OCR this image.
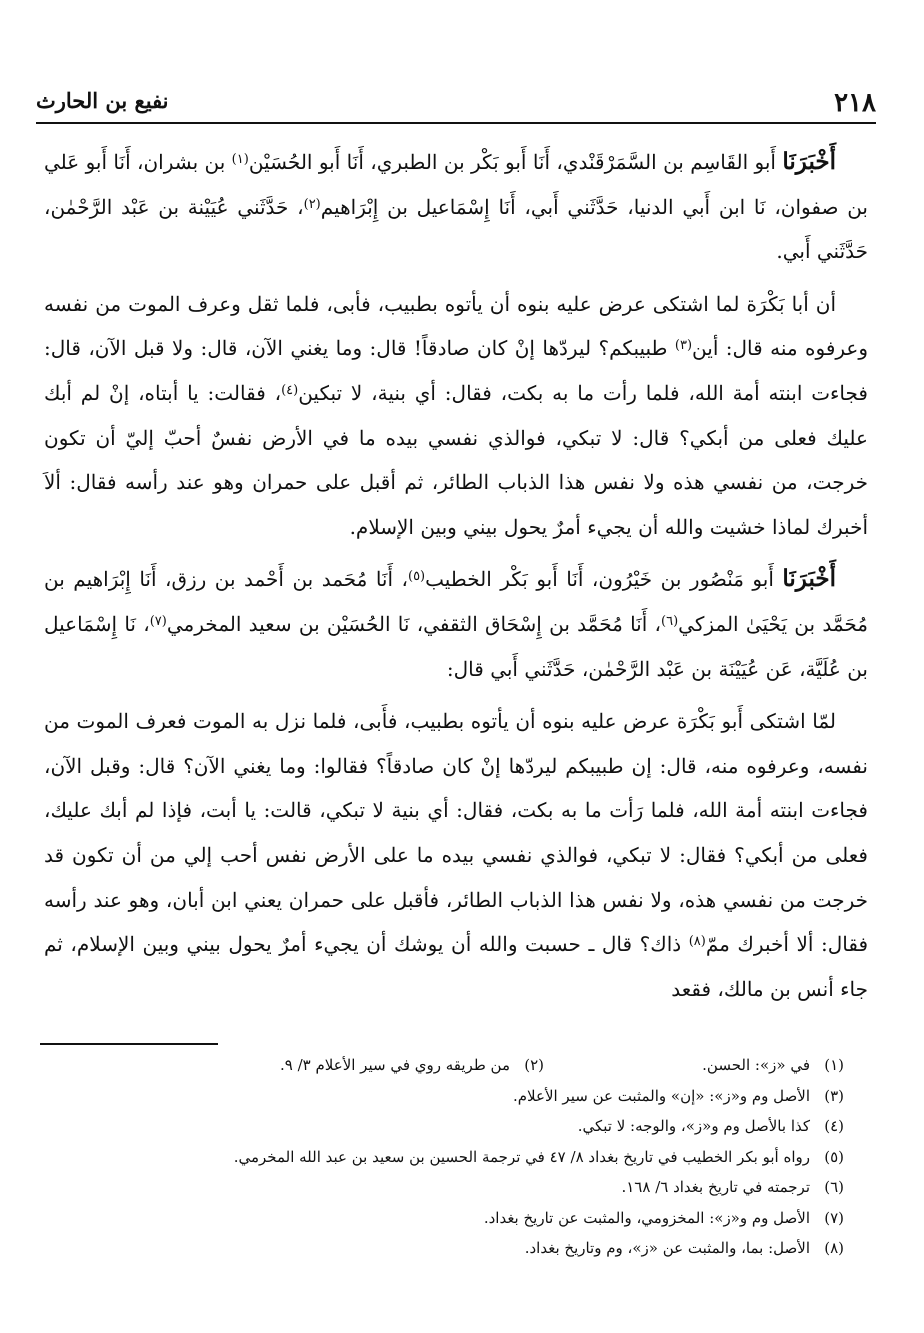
٢١٨
نفيع بن الحارث

أَخْبَرَنَا أَبو القَاسِم بن السَّمَرْقَنْدي، أَنَا أَبو بَكْر بن الطبري، أَنَا أَبو الحُسَيْن$^{(١)}$ بن بشران، أَنَا أَبو عَلي بن صفوان، نَا ابن أَبي الدنيا، حَدَّثَني أَبي، أَنَا إِسْمَاعيل بن إِبْرَاهيم$^{(٢)}$، حَدَّثَني عُيَيْنة بن عَبْد الرَّحْمٰن، حَدَّثَني أَبي.

أن أبا بَكْرَة لما اشتكى عرض عليه بنوه أن يأتوه بطبيب، فأبى، فلما ثقل وعرف الموت من نفسه وعرفوه منه قال: أين$^{(٣)}$ طبيبكم؟ ليردّها إنْ كان صادقاً! قال: وما يغني الآن، قال: ولا قبل الآن، قال: فجاءت ابنته أمة الله، فلما رأت ما به بكت، فقال: أي بنية، لا تبكين$^{(٤)}$، فقالت: يا أبتاه، إنْ لم أبك عليك فعلى من أبكي؟ قال: لا تبكي، فوالذي نفسي بيده ما في الأرض نفسٌ أحبّ إليّ أن تكون خرجت، من نفسي هذه ولا نفس هذا الذباب الطائر، ثم أقبل على حمران وهو عند رأسه فقال: ألاَ أخبرك لماذا خشيت والله أن يجيء أمرٌ يحول بيني وبين الإسلام.

أَخْبَرَنَا أَبو مَنْصُور بن خَيْرُون، أَنَا أَبو بَكْر الخطيب$^{(٥)}$، أَنَا مُحَمد بن أَحْمد بن رزق، أَنَا إِبْرَاهيم بن مُحَمَّد بن يَحْيَىٰ المزكي$^{(٦)}$، أَنَا مُحَمَّد بن إِسْحَاق الثقفي، نَا الحُسَيْن بن سعيد المخرمي$^{(٧)}$، نَا إِسْمَاعيل بن عُلَيَّة، عَن عُيَيْنَة بن عَبْد الرَّحْمٰن، حَدَّثَني أَبي قال:

لمّا اشتكى أَبو بَكْرَة عرض عليه بنوه أن يأتوه بطبيب، فأَبى، فلما نزل به الموت فعرف الموت من نفسه، وعرفوه منه، قال: إن طبيبكم ليردّها إنْ كان صادقاً؟ فقالوا: وما يغني الآن؟ قال: وقبل الآن، فجاءت ابنته أمة الله، فلما رَأت ما به بكت، فقال: أي بنية لا تبكي، قالت: يا أبت، فإذا لم أبك عليك، فعلى من أبكي؟ فقال: لا تبكي، فوالذي نفسي بيده ما على الأرض نفس أحب إلي من أن تكون قد خرجت من نفسي هذه، ولا نفس هذا الذباب الطائر، فأقبل على حمران يعني ابن أبان، وهو عند رأسه فقال: ألا أخبرك ممّ$^{(٨)}$ ذاك؟ قال ـ حسبت والله أن يوشك أن يجيء أمرٌ يحول بيني وبين الإسلام، ثم جاء أنس بن مالك، فقعد

(١)في «ز»: الحسن.
(٢)من طريقه روي في سير الأعلام ٣/ ٩.
(٣)الأصل وم و«ز»: «إن» والمثبت عن سير الأعلام.
(٤)كذا بالأصل وم و«ز»، والوجه: لا تبكي.
(٥)رواه أبو بكر الخطيب في تاريخ بغداد ٨/ ٤٧ في ترجمة الحسين بن سعيد بن عبد الله المخرمي.
(٦)ترجمته في تاريخ بغداد ٦/ ١٦٨.
(٧)الأصل وم و«ز»: المخزومي، والمثبت عن تاريخ بغداد.
(٨)الأصل: بما، والمثبت عن «ز»، وم وتاريخ بغداد.
